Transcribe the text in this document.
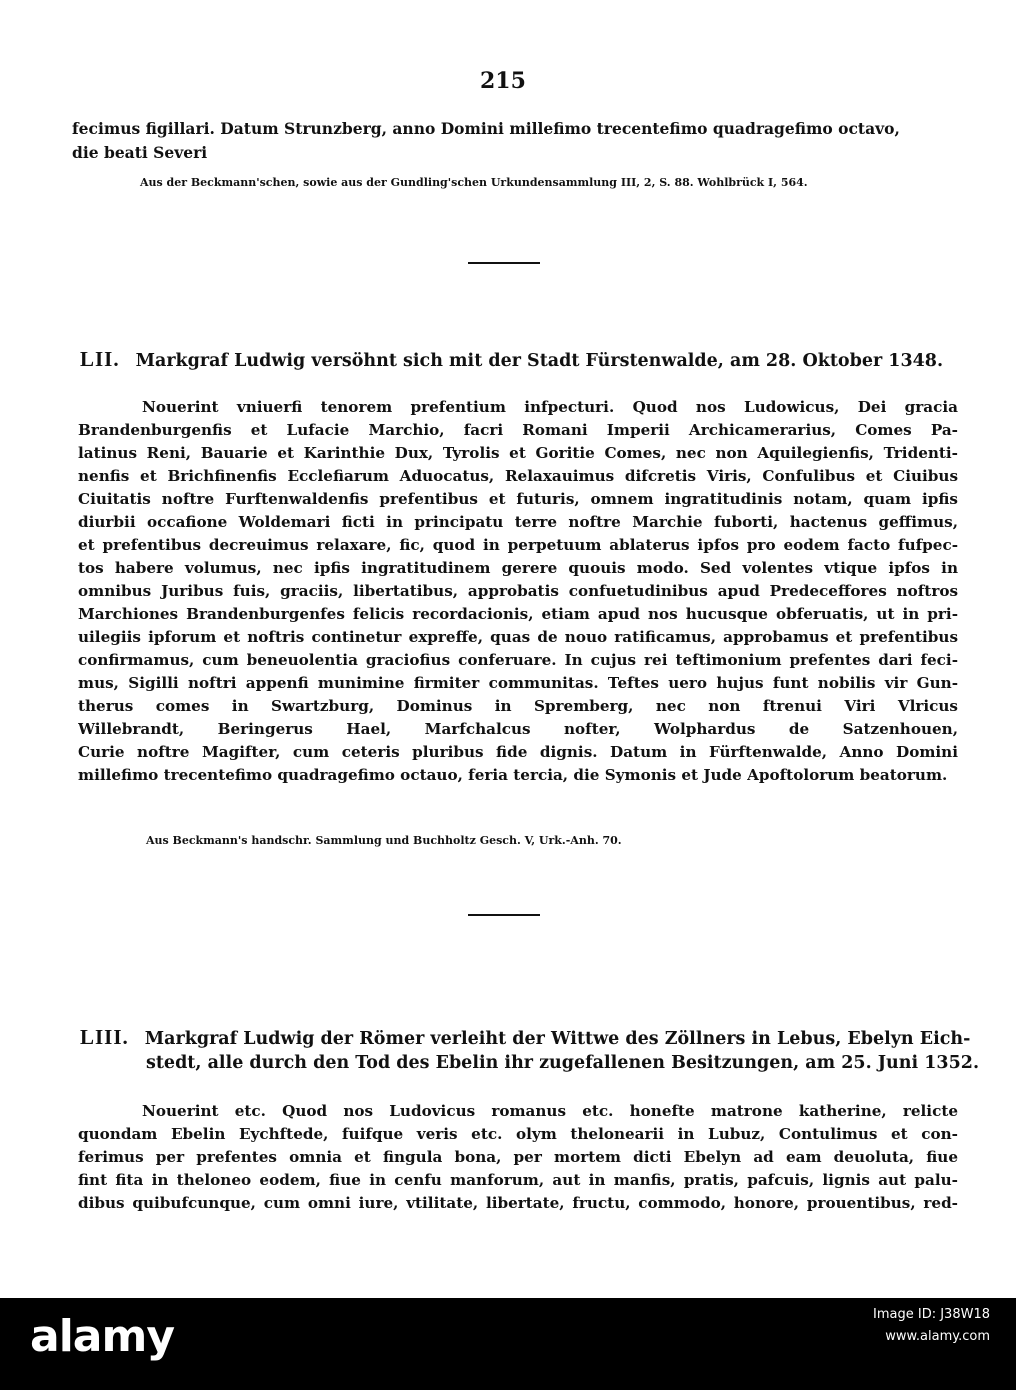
215
fecimus figillari. Datum Strunzberg, anno Domini millefimo trecentefimo quadragefimo octavo,
die beati Severi
Aus der Beckmann'schen, sowie aus der Gundling'schen Urkundensammlung III, 2, S. 88. Wohlbrück I, 564.
LII. Markgraf Ludwig versöhnt sich mit der Stadt Fürstenwalde, am 28. Oktober 1348.
Nouerint vniuerfi tenorem prefentium infpecturi. Quod nos Ludowicus, Dei gracia
Brandenburgenfis et Lufacie Marchio, facri Romani Imperii Archicamerarius, Comes Pa-
latinus Reni, Bauarie et Karinthie Dux, Tyrolis et Goritie Comes, nec non Aquilegienfis, Tridenti-
nenfis et Brichfinenfis Ecclefiarum Aduocatus, Relaxauimus difcretis Viris, Confulibus et Ciuibus
Ciuitatis noftre Furftenwaldenfis prefentibus et futuris, omnem ingratitudinis notam, quam ipfis
diurbii occafione Woldemari ficti in principatu terre noftre Marchie fuborti, hactenus geffimus,
et prefentibus decreuimus relaxare, fic, quod in perpetuum ablaterus ipfos pro eodem facto fufpec-
tos habere volumus, nec ipfis ingratitudinem gerere quouis modo. Sed volentes vtique ipfos in
omnibus Juribus fuis, graciis, libertatibus, approbatis confuetudinibus apud Predeceffores noftros
Marchiones Brandenburgenfes felicis recordacionis, etiam apud nos hucusque obferuatis, ut in pri-
uilegiis ipforum et noftris continetur expreffe, quas de nouo ratificamus, approbamus et prefentibus
confirmamus, cum beneuolentia graciofius conferuare. In cujus rei teftimonium prefentes dari feci-
mus, Sigilli noftri appenfi munimine firmiter communitas. Teftes uero hujus funt nobilis vir Gun-
therus comes in Swartzburg, Dominus in Spremberg, nec non ftrenui Viri Vlricus
Willebrandt, Beringerus Hael, Marfchalcus nofter, Wolphardus de Satzenhouen,
Curie noftre Magifter, cum ceteris pluribus fide dignis. Datum in Fürftenwalde, Anno Domini
millefimo trecentefimo quadragefimo octauo, feria tercia, die Symonis et Jude Apoftolorum beatorum.
Aus Beckmann's handschr. Sammlung und Buchholtz Gesch. V, Urk.-Anh. 70.
LIII. Markgraf Ludwig der Römer verleiht der Wittwe des Zöllners in Lebus, Ebelyn Eich-
stedt, alle durch den Tod des Ebelin ihr zugefallenen Besitzungen, am 25. Juni 1352.
Nouerint etc. Quod nos Ludovicus romanus etc. honefte matrone katherine, relicte
quondam Ebelin Eychftede, fuifque veris etc. olym thelonearii in Lubuz, Contulimus et con-
ferimus per prefentes omnia et fingula bona, per mortem dicti Ebelyn ad eam deuoluta, fiue
fint fita in theloneo eodem, fiue in cenfu manforum, aut in manfis, pratis, pafcuis, lignis aut palu-
dibus quibufcunque, cum omni iure, vtilitate, libertate, fructu, commodo, honore, prouentibus, red-
alamy	Image ID: J38W18
www.alamy.com
